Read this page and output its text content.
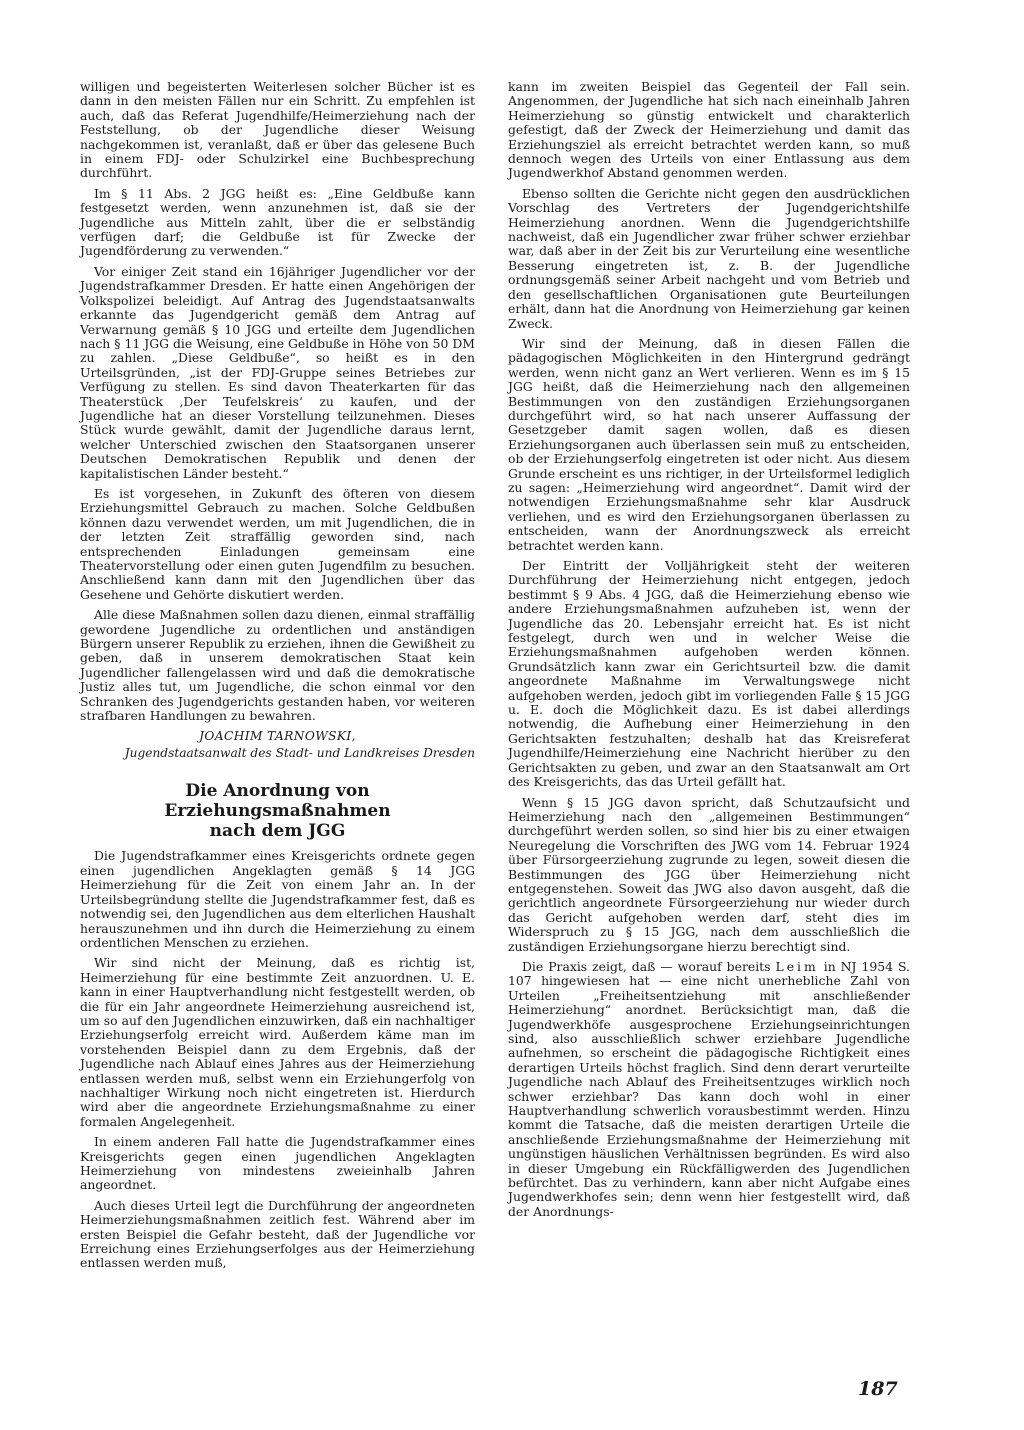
willigen und begeisterten Weiterlesen solcher Bücher ist es dann in den meisten Fällen nur ein Schritt. Zu empfehlen ist auch, daß das Referat Jugendhilfe/Heimerziehung nach der Feststellung, ob der Jugendliche dieser Weisung nachgekommen ist, veranlaßt, daß er über das gelesene Buch in einem FDJ- oder Schulzirkel eine Buchbesprechung durchführt.

Im § 11 Abs. 2 JGG heißt es: „Eine Geldbuße kann festgesetzt werden, wenn anzunehmen ist, daß sie der Jugendliche aus Mitteln zahlt, über die er selbständig verfügen darf; die Geldbuße ist für Zwecke der Jugendförderung zu verwenden.“

Vor einiger Zeit stand ein 16jähriger Jugendlicher vor der Jugendstrafkammer Dresden. Er hatte einen Angehörigen der Volkspolizei beleidigt. Auf Antrag des Jugendstaatsanwalts erkannte das Jugendgericht gemäß dem Antrag auf Verwarnung gemäß § 10 JGG und erteilte dem Jugendlichen nach § 11 JGG die Weisung, eine Geldbuße in Höhe von 50 DM zu zahlen. „Diese Geldbuße“, so heißt es in den Urteilsgründen, „ist der FDJ-Gruppe seines Betriebes zur Verfügung zu stellen. Es sind davon Theaterkarten für das Theaterstück ‚Der Teufelskreis‘ zu kaufen, und der Jugendliche hat an dieser Vorstellung teilzunehmen. Dieses Stück wurde gewählt, damit der Jugendliche daraus lernt, welcher Unterschied zwischen den Staatsorganen unserer Deutschen Demokratischen Republik und denen der kapitalistischen Länder besteht.“

Es ist vorgesehen, in Zukunft des öfteren von diesem Erziehungsmittel Gebrauch zu machen. Solche Geldbußen können dazu verwendet werden, um mit Jugendlichen, die in der letzten Zeit straffällig geworden sind, nach entsprechenden Einladungen gemeinsam eine Theatervorstellung oder einen guten Jugendfilm zu besuchen. Anschließend kann dann mit den Jugendlichen über das Gesehene und Gehörte diskutiert werden.

Alle diese Maßnahmen sollen dazu dienen, einmal straffällig gewordene Jugendliche zu ordentlichen und anständigen Bürgern unserer Republik zu erziehen, ihnen die Gewißheit zu geben, daß in unserem demokratischen Staat kein Jugendlicher fallengelassen wird und daß die demokratische Justiz alles tut, um Jugendliche, die schon einmal vor den Schranken des Jugendgerichts gestanden haben, vor weiteren strafbaren Handlungen zu bewahren.

JOACHIM TARNOWSKI,
Jugendstaatsanwalt des Stadt- und Landkreises Dresden
Die Anordnung von Erziehungsmaßnahmen
nach dem JGG

Die Jugendstrafkammer eines Kreisgerichts ordnete gegen einen jugendlichen Angeklagten gemäß § 14 JGG Heimerziehung für die Zeit von einem Jahr an. In der Urteilsbegründung stellte die Jugendstrafkammer fest, daß es notwendig sei, den Jugendlichen aus dem elterlichen Haushalt herauszunehmen und ihn durch die Heimerziehung zu einem ordentlichen Menschen zu erziehen.

Wir sind nicht der Meinung, daß es richtig ist, Heimerziehung für eine bestimmte Zeit anzuordnen. U. E. kann in einer Hauptverhandlung nicht festgestellt werden, ob die für ein Jahr angeordnete Heimerziehung ausreichend ist, um so auf den Jugendlichen einzuwirken, daß ein nachhaltiger Erziehungserfolg erreicht wird. Außerdem käme man im vorstehenden Beispiel dann zu dem Ergebnis, daß der Jugendliche nach Ablauf eines Jahres aus der Heimerziehung entlassen werden muß, selbst wenn ein Erziehungerfolg von nachhaltiger Wirkung noch nicht eingetreten ist. Hierdurch wird aber die angeordnete Erziehungsmaßnahme zu einer formalen Angelegenheit.

In einem anderen Fall hatte die Jugendstrafkammer eines Kreisgerichts gegen einen jugendlichen Angeklagten Heimerziehung von mindestens zweieinhalb Jahren angeordnet.

Auch dieses Urteil legt die Durchführung der angeordneten Heimerziehungsmaßnahmen zeitlich fest. Während aber im ersten Beispiel die Gefahr besteht, daß der Jugendliche vor Erreichung eines Erziehungserfolges aus der Heimerziehung entlassen werden muß,

kann im zweiten Beispiel das Gegenteil der Fall sein. Angenommen, der Jugendliche hat sich nach eineinhalb Jahren Heimerziehung so günstig entwickelt und charakterlich gefestigt, daß der Zweck der Heimerziehung und damit das Erziehungsziel als erreicht betrachtet werden kann, so muß dennoch wegen des Urteils von einer Entlassung aus dem Jugendwerkhof Abstand genommen werden.

Ebenso sollten die Gerichte nicht gegen den ausdrücklichen Vorschlag des Vertreters der Jugendgerichtshilfe Heimerziehung anordnen. Wenn die Jugendgerichtshilfe nachweist, daß ein Jugendlicher zwar früher schwer erziehbar war, daß aber in der Zeit bis zur Verurteilung eine wesentliche Besserung eingetreten ist, z. B. der Jugendliche ordnungsgemäß seiner Arbeit nachgeht und vom Betrieb und den gesellschaftlichen Organisationen gute Beurteilungen erhält, dann hat die Anordnung von Heimerziehung gar keinen Zweck.

Wir sind der Meinung, daß in diesen Fällen die pädagogischen Möglichkeiten in den Hintergrund gedrängt werden, wenn nicht ganz an Wert verlieren. Wenn es im § 15 JGG heißt, daß die Heimerziehung nach den allgemeinen Bestimmungen von den zuständigen Erziehungsorganen durchgeführt wird, so hat nach unserer Auffassung der Gesetzgeber damit sagen wollen, daß es diesen Erziehungsorganen auch überlassen sein muß zu entscheiden, ob der Erziehungserfolg eingetreten ist oder nicht. Aus diesem Grunde erscheint es uns richtiger, in der Urteilsformel lediglich zu sagen: „Heimerziehung wird angeordnet“. Damit wird der notwendigen Erziehungsmaßnahme sehr klar Ausdruck verliehen, und es wird den Erziehungsorganen überlassen zu entscheiden, wann der Anordnungszweck als erreicht betrachtet werden kann.

Der Eintritt der Volljährigkeit steht der weiteren Durchführung der Heimerziehung nicht entgegen, jedoch bestimmt § 9 Abs. 4 JGG, daß die Heimerziehung ebenso wie andere Erziehungsmaßnahmen aufzuheben ist, wenn der Jugendliche das 20. Lebensjahr erreicht hat. Es ist nicht festgelegt, durch wen und in welcher Weise die Erziehungsmaßnahmen aufgehoben werden können. Grundsätzlich kann zwar ein Gerichtsurteil bzw. die damit angeordnete Maßnahme im Verwaltungswege nicht aufgehoben werden, jedoch gibt im vorliegenden Falle § 15 JGG u. E. doch die Möglichkeit dazu. Es ist dabei allerdings notwendig, die Aufhebung einer Heimerziehung in den Gerichtsakten festzuhalten; deshalb hat das Kreisreferat Jugendhilfe/Heimerziehung eine Nachricht hierüber zu den Gerichtsakten zu geben, und zwar an den Staatsanwalt am Ort des Kreisgerichts, das das Urteil gefällt hat.

Wenn § 15 JGG davon spricht, daß Schutzaufsicht und Heimerziehung nach den „allgemeinen Bestimmungen“ durchgeführt werden sollen, so sind hier bis zu einer etwaigen Neuregelung die Vorschriften des JWG vom 14. Februar 1924 über Fürsorgeerziehung zugrunde zu legen, soweit diesen die Bestimmungen des JGG über Heimerziehung nicht entgegenstehen. Soweit das JWG also davon ausgeht, daß die gerichtlich angeordnete Fürsorgeerziehung nur wieder durch das Gericht aufgehoben werden darf, steht dies im Widerspruch zu § 15 JGG, nach dem ausschließlich die zuständigen Erziehungsorgane hierzu berechtigt sind.

Die Praxis zeigt, daß — worauf bereits Leim in NJ 1954 S. 107 hingewiesen hat — eine nicht unerhebliche Zahl von Urteilen „Freiheitsentziehung mit anschließender Heimerziehung“ anordnet. Berücksichtigt man, daß die Jugendwerkhöfe ausgesprochene Erziehungseinrichtungen sind, also ausschließlich schwer erziehbare Jugendliche aufnehmen, so erscheint die pädagogische Richtigkeit eines derartigen Urteils höchst fraglich. Sind denn derart verurteilte Jugendliche nach Ablauf des Freiheitsentzuges wirklich noch schwer erziehbar? Das kann doch wohl in einer Hauptverhandlung schwerlich vorausbestimmt werden. Hinzu kommt die Tatsache, daß die meisten derartigen Urteile die anschließende Erziehungsmaßnahme der Heimerziehung mit ungünstigen häuslichen Verhältnissen begründen. Es wird also in dieser Umgebung ein Rückfälligwerden des Jugendlichen befürchtet. Das zu verhindern, kann aber nicht Aufgabe eines Jugendwerkhofes sein; denn wenn hier festgestellt wird, daß der Anordnungs-

187
